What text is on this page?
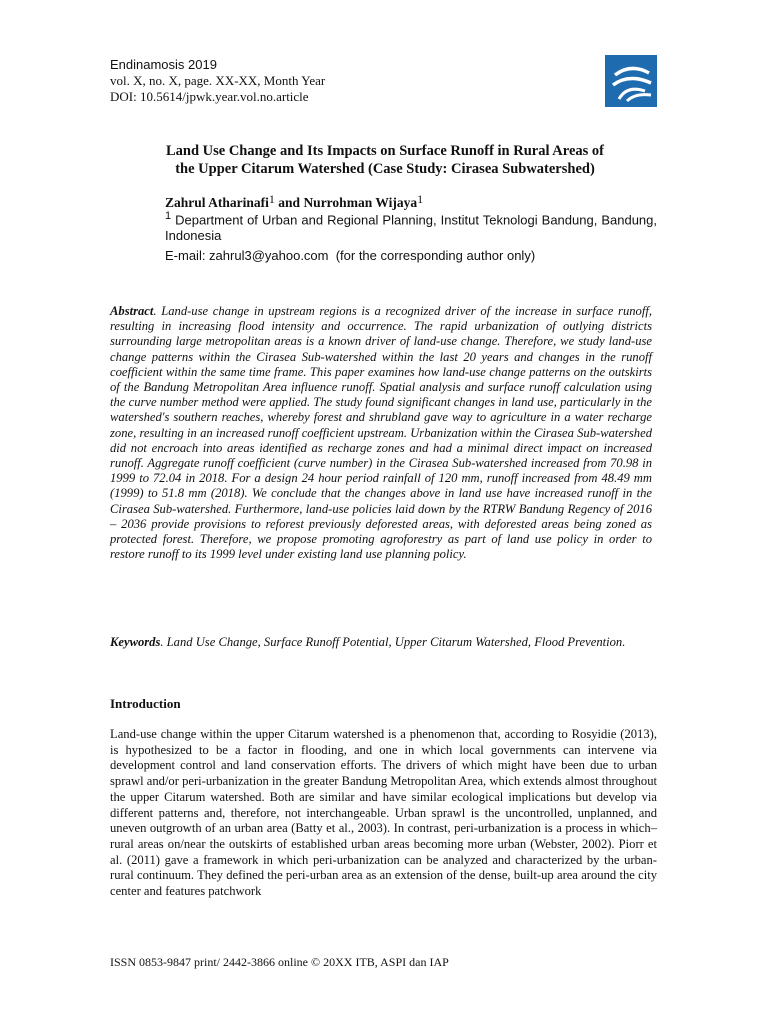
Endinamosis 2019
vol. X, no. X, page. XX-XX, Month Year
DOI: 10.5614/jpwk.year.vol.no.article
Land Use Change and Its Impacts on Surface Runoff in Rural Areas of
the Upper Citarum Watershed (Case Study: Cirasea Subwatershed)
Zahrul Atharinafi$^1$ and Nurrohman Wijaya$^1$
$^1$ Department of Urban and Regional Planning, Institut Teknologi Bandung, Bandung, Indonesia
E-mail: zahrul3@yahoo.com  (for the corresponding author only)
Abstract. Land-use change in upstream regions is a recognized driver of the increase in surface runoff, resulting in increasing flood intensity and occurrence. The rapid urbanization of outlying districts surrounding large metropolitan areas is a known driver of land-use change. Therefore, we study land-use change patterns within the Cirasea Sub-watershed within the last 20 years and changes in the runoff coefficient within the same time frame. This paper examines how land-use change patterns on the outskirts of the Bandung Metropolitan Area influence runoff. Spatial analysis and surface runoff calculation using the curve number method were applied. The study found significant changes in land use, particularly in the watershed's southern reaches, whereby forest and shrubland gave way to agriculture in a water recharge zone, resulting in an increased runoff coefficient upstream. Urbanization within the Cirasea Sub-watershed did not encroach into areas identified as recharge zones and had a minimal direct impact on increased runoff. Aggregate runoff coefficient (curve number) in the Cirasea Sub-watershed increased from 70.98 in 1999 to 72.04 in 2018. For a design 24 hour period rainfall of 120 mm, runoff increased from 48.49 mm (1999) to 51.8 mm (2018). We conclude that the changes above in land use have increased runoff in the Cirasea Sub-watershed. Furthermore, land-use policies laid down by the RTRW Bandung Regency of 2016 – 2036 provide provisions to reforest previously deforested areas, with deforested areas being zoned as protected forest. Therefore, we propose promoting agroforestry as part of land use policy in order to restore runoff to its 1999 level under existing land use planning policy.
Keywords. Land Use Change, Surface Runoff Potential, Upper Citarum Watershed, Flood Prevention.
Introduction
Land-use change within the upper Citarum watershed is a phenomenon that, according to Rosyidie (2013), is hypothesized to be a factor in flooding, and one in which local governments can intervene via development control and land conservation efforts. The drivers of which might have been due to urban sprawl and/or peri-urbanization in the greater Bandung Metropolitan Area, which extends almost throughout the upper Citarum watershed. Both are similar and have similar ecological implications but develop via different patterns and, therefore, not interchangeable. Urban sprawl is the uncontrolled, unplanned, and uneven outgrowth of an urban area (Batty et al., 2003). In contrast, peri-urbanization is a process in which–rural areas on/near the outskirts of established urban areas becoming more urban (Webster, 2002). Piorr et al. (2011) gave a framework in which peri-urbanization can be analyzed and characterized by the urban-rural continuum. They defined the peri-urban area as an extension of the dense, built-up area around the city center and features patchwork
ISSN 0853-9847 print/ 2442-3866 online © 20XX ITB, ASPI dan IAP
